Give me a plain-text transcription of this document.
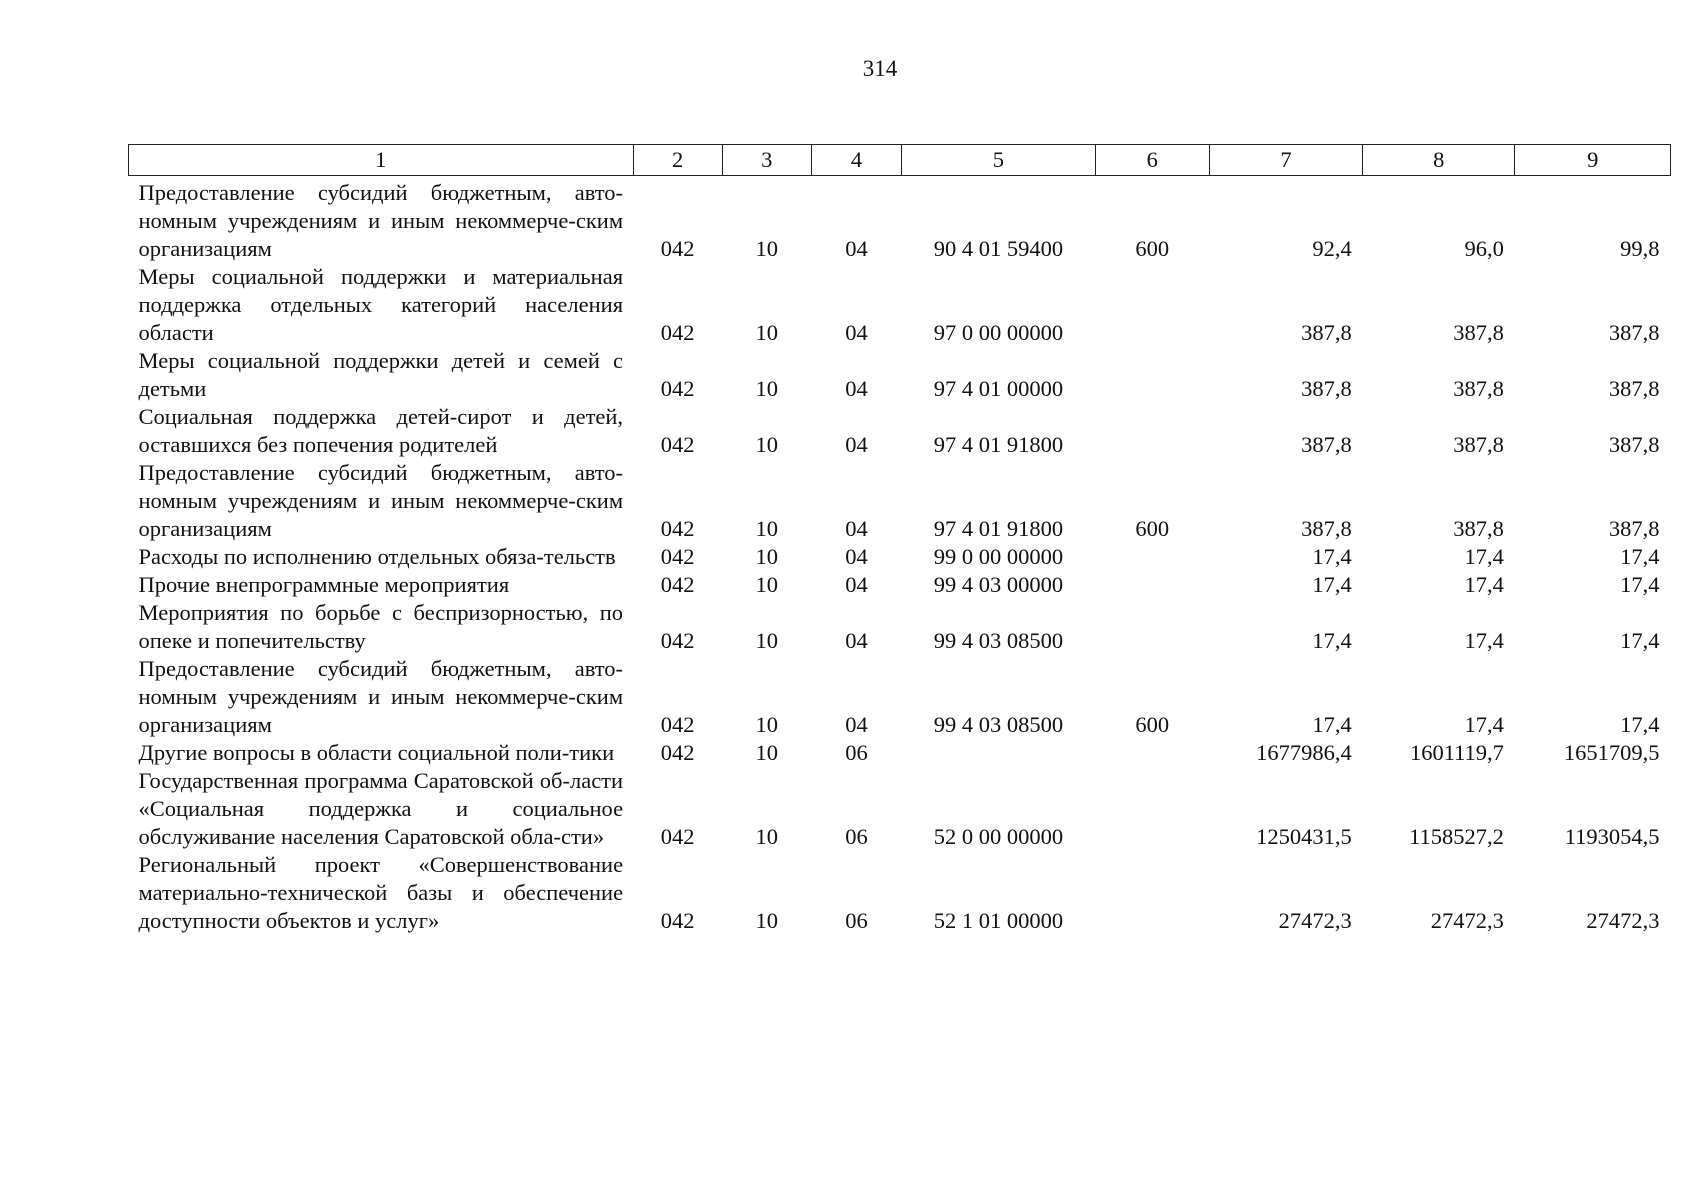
314
1	2	3	4	5	6	7	8	9
Предоставление субсидий бюджетным, авто-номным учреждениям и иным некоммерче-ским организациям	042	10	04	90 4 01 59400	600	92,4	96,0	99,8
Меры социальной поддержки и материальная поддержка отдельных категорий населения области	042	10	04	97 0 00 00000		387,8	387,8	387,8
Меры социальной поддержки детей и семей с детьми	042	10	04	97 4 01 00000		387,8	387,8	387,8
Социальная поддержка детей-сирот и детей, оставшихся без попечения родителей	042	10	04	97 4 01 91800		387,8	387,8	387,8
Предоставление субсидий бюджетным, авто-номным учреждениям и иным некоммерче-ским организациям	042	10	04	97 4 01 91800	600	387,8	387,8	387,8
Расходы по исполнению отдельных обяза-тельств	042	10	04	99 0 00 00000		17,4	17,4	17,4
Прочие внепрограммные мероприятия	042	10	04	99 4 03 00000		17,4	17,4	17,4
Мероприятия по борьбе с беспризорностью, по опеке и попечительству	042	10	04	99 4 03 08500		17,4	17,4	17,4
Предоставление субсидий бюджетным, авто-номным учреждениям и иным некоммерче-ским организациям	042	10	04	99 4 03 08500	600	17,4	17,4	17,4
Другие вопросы в области социальной поли-тики	042	10	06			1677986,4	1601119,7	1651709,5
Государственная программа Саратовской об-ласти «Социальная поддержка и социальное обслуживание населения Саратовской обла-сти»	042	10	06	52 0 00 00000		1250431,5	1158527,2	1193054,5
Региональный проект «Совершенствование материально-технической базы и обеспечение доступности объектов и услуг»	042	10	06	52 1 01 00000		27472,3	27472,3	27472,3
